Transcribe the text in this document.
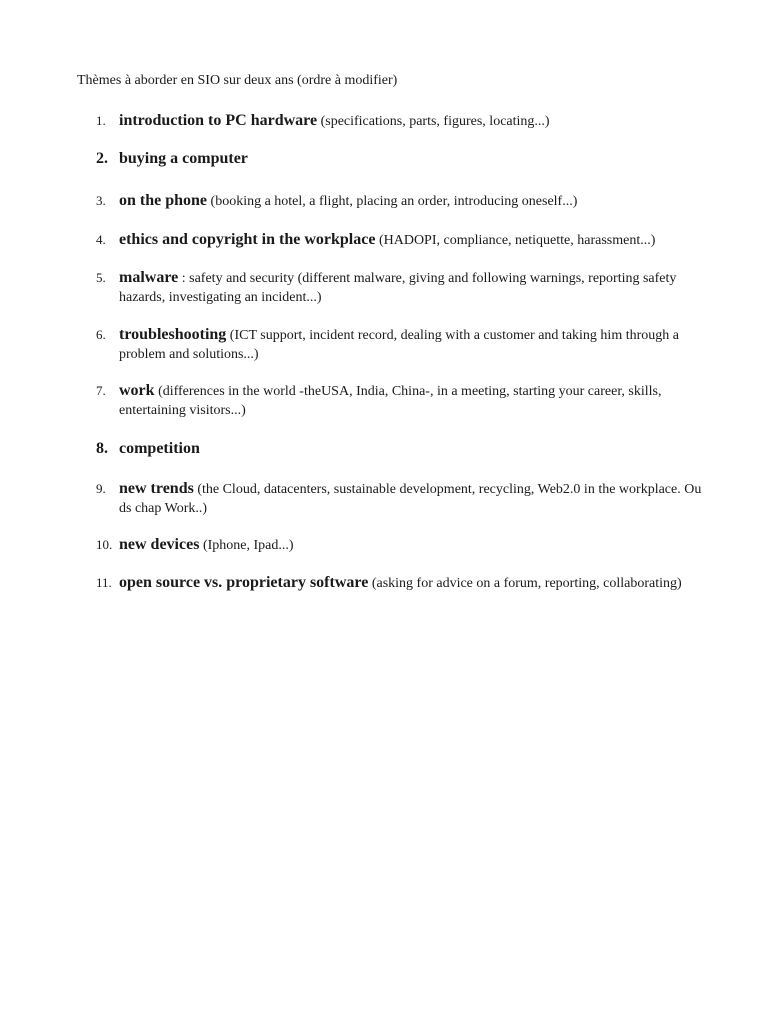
Thèmes à aborder en SIO sur deux ans (ordre à modifier)
1. introduction to PC hardware (specifications, parts, figures, locating...)
2. buying a computer
3. on the phone (booking a hotel, a flight, placing an order, introducing oneself...)
4. ethics and copyright in the workplace (HADOPI, compliance, netiquette, harassment...)
5. malware : safety and security (different malware, giving and following warnings, reporting safety hazards, investigating an incident...)
6. troubleshooting (ICT support, incident record, dealing with a customer and taking him through a problem and solutions...)
7. work (differences in the world -theUSA, India, China-, in a meeting, starting your career, skills, entertaining visitors...)
8. competition
9. new trends (the Cloud, datacenters, sustainable development, recycling, Web2.0 in the workplace. Ou ds chap Work..)
10. new devices (Iphone, Ipad...)
11. open source vs. proprietary software (asking for advice on a forum, reporting, collaborating)
